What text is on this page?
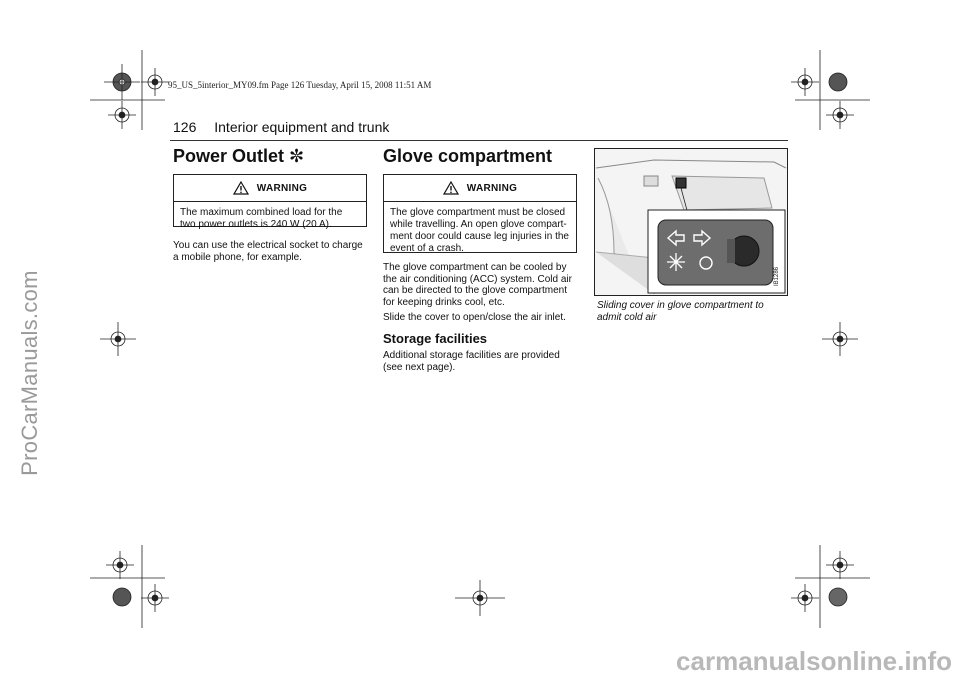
ProCarManuals.com
carmanualsonline.info
95_US_5interior_MY09.fm Page 126 Tuesday, April 15, 2008 11:51 AM
126 Interior equipment and trunk
Power Outlet ✼
WARNING
The maximum combined load for the two power outlets is 240 W (20 A).
You can use the electrical socket to charge a mobile phone, for example.
Glove compartment
WARNING
The glove compartment must be closed while travelling. An open glove compart-ment door could cause leg injuries in the event of a crash.
The glove compartment can be cooled by the air conditioning (ACC) system. Cold air can be directed to the glove compartment for keeping drinks cool, etc.
Slide the cover to open/close the air inlet.
Storage facilities
Additional storage facilities are provided (see next page).
IB1286
Sliding cover in glove compartment to admit cold air
